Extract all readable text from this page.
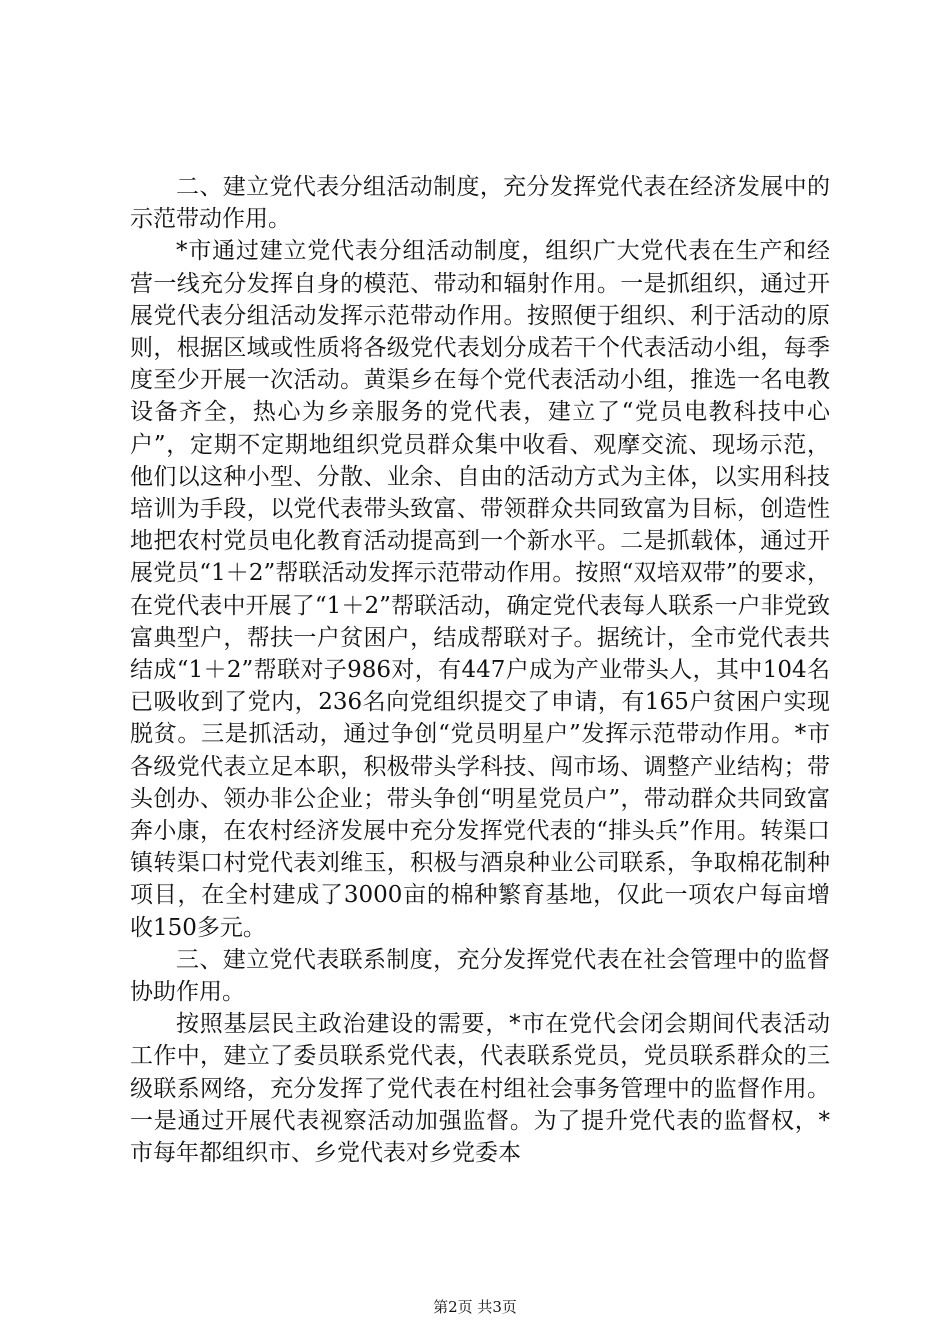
二、建立党代表分组活动制度，充分发挥党代表在经济发展中的示范带动作用。

*市通过建立党代表分组活动制度，组织广大党代表在生产和经营一线充分发挥自身的模范、带动和辐射作用。一是抓组织，通过开展党代表分组活动发挥示范带动作用。按照便于组织、利于活动的原则，根据区域或性质将各级党代表划分成若干个代表活动小组，每季度至少开展一次活动。黄渠乡在每个党代表活动小组，推选一名电教设备齐全，热心为乡亲服务的党代表，建立了“党员电教科技中心户”，定期不定期地组织党员群众集中收看、观摩交流、现场示范，他们以这种小型、分散、业余、自由的活动方式为主体，以实用科技培训为手段，以党代表带头致富、带领群众共同致富为目标，创造性地把农村党员电化教育活动提高到一个新水平。二是抓载体，通过开展党员“1＋2”帮联活动发挥示范带动作用。按照“双培双带”的要求，在党代表中开展了“1＋2”帮联活动，确定党代表每人联系一户非党致富典型户，帮扶一户贫困户，结成帮联对子。据统计，全市党代表共结成“1＋2”帮联对子986对，有447户成为产业带头人，其中104名已吸收到了党内，236名向党组织提交了申请，有165户贫困户实现脱贫。三是抓活动，通过争创“党员明星户”发挥示范带动作用。*市各级党代表立足本职，积极带头学科技、闯市场、调整产业结构；带头创办、领办非公企业；带头争创“明星党员户”，带动群众共同致富奔小康，在农村经济发展中充分发挥党代表的“排头兵”作用。转渠口镇转渠口村党代表刘维玉，积极与酒泉种业公司联系，争取棉花制种项目，在全村建成了3000亩的棉种繁育基地，仅此一项农户每亩增收150多元。

三、建立党代表联系制度，充分发挥党代表在社会管理中的监督协助作用。

按照基层民主政治建设的需要，*市在党代会闭会期间代表活动工作中，建立了委员联系党代表，代表联系党员，党员联系群众的三级联系网络，充分发挥了党代表在村组社会事务管理中的监督作用。一是通过开展代表视察活动加强监督。为了提升党代表的监督权，*市每年都组织市、乡党代表对乡党委本

第2页 共3页
